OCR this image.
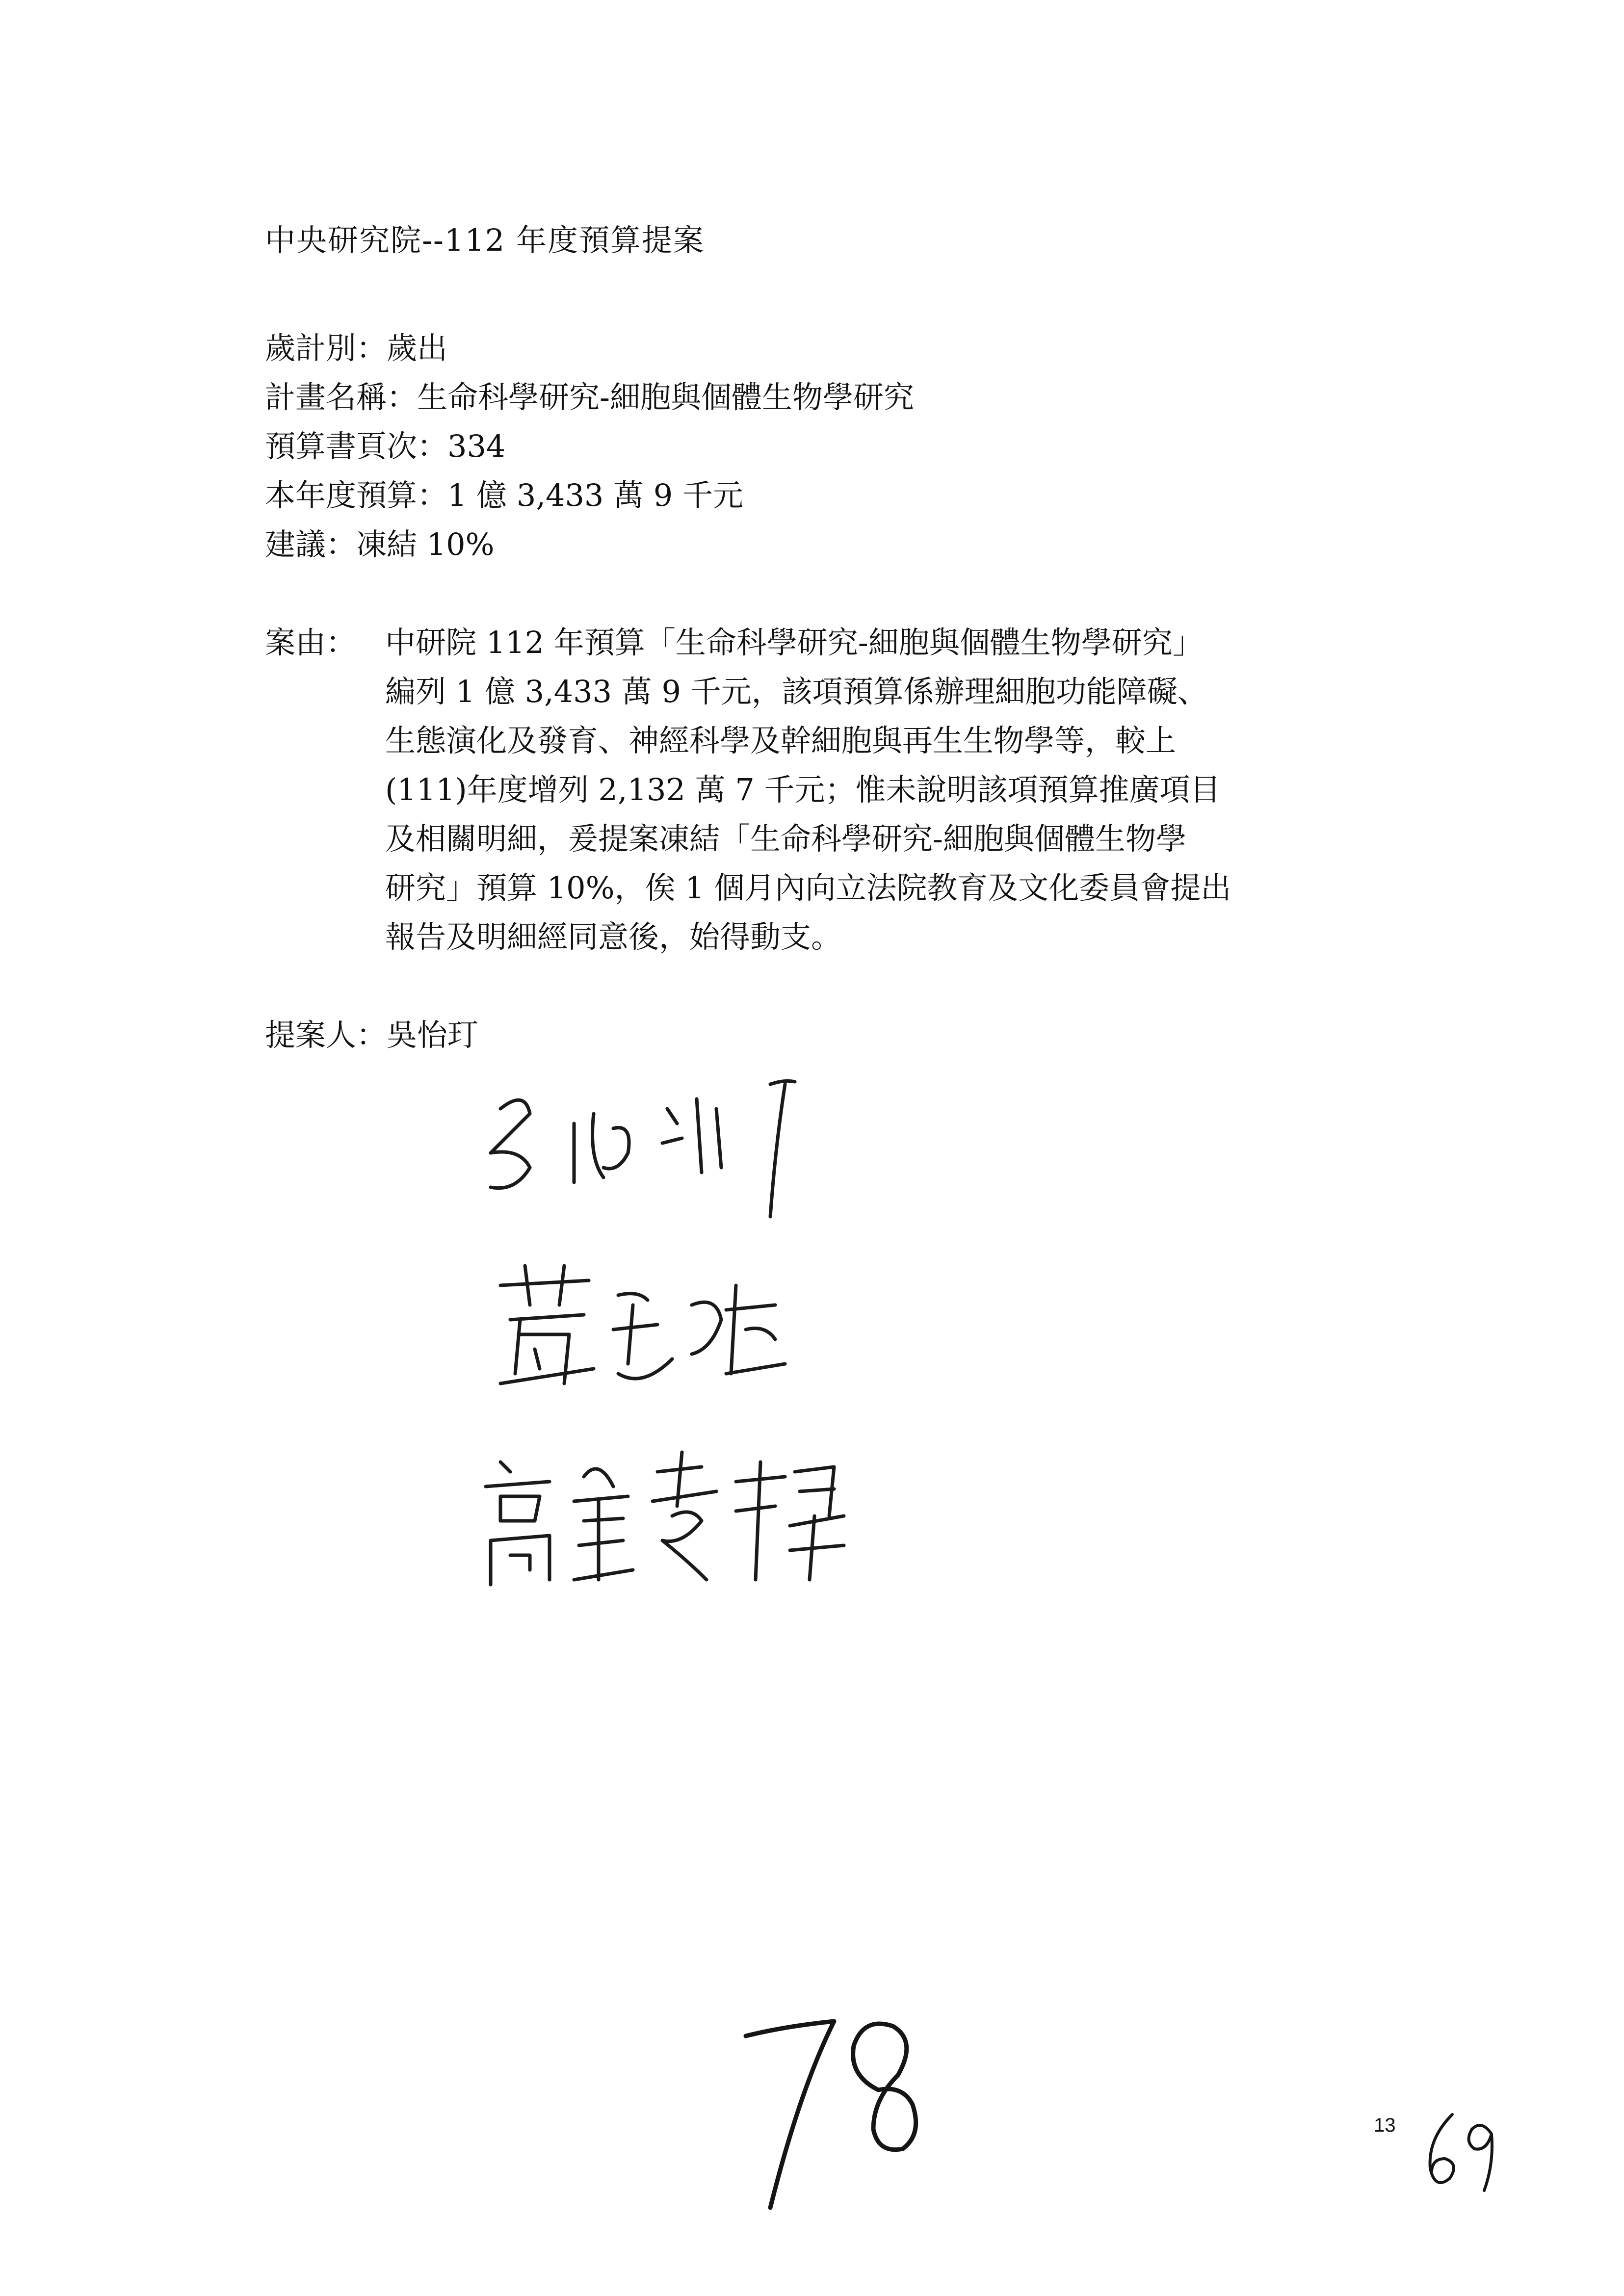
中央研究院--112 年度預算提案
歲計別：歲出
計畫名稱：生命科學研究-細胞與個體生物學研究
預算書頁次：334
本年度預算：1 億 3,433 萬 9 千元
建議：凍結 10%
案由： 中研院 112 年預算「生命科學研究-細胞與個體生物學研究」
編列 1 億 3,433 萬 9 千元，該項預算係辦理細胞功能障礙、
生態演化及發育、神經科學及幹細胞與再生生物學等，較上
(111)年度增列 2,132 萬 7 千元；惟未說明該項預算推廣項目
及相關明細，爰提案凍結「生命科學研究-細胞與個體生物學
研究」預算 10%，俟 1 個月內向立法院教育及文化委員會提出
報告及明細經同意後，始得動支。
提案人：吳怡玎
13
